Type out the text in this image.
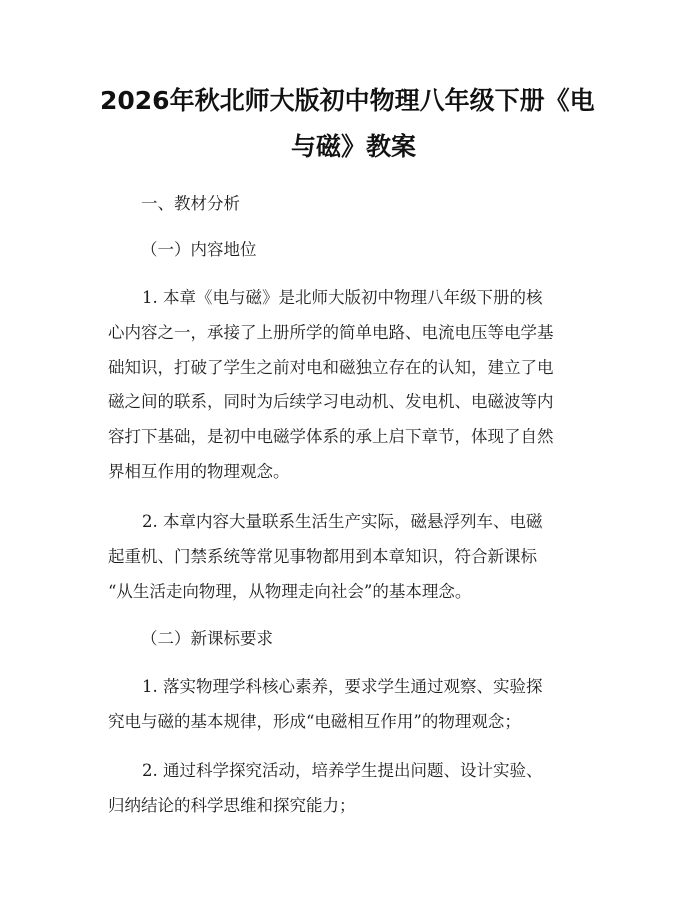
2026年秋北师大版初中物理八年级下册《电
与磁》教案
一、教材分析
（一）内容地位
1. 本章《电与磁》是北师大版初中物理八年级下册的核
心内容之一，承接了上册所学的简单电路、电流电压等电学基
础知识，打破了学生之前对电和磁独立存在的认知，建立了电
磁之间的联系，同时为后续学习电动机、发电机、电磁波等内
容打下基础，是初中电磁学体系的承上启下章节，体现了自然
界相互作用的物理观念。
2. 本章内容大量联系生活生产实际，磁悬浮列车、电磁
起重机、门禁系统等常见事物都用到本章知识，符合新课标
“从生活走向物理，从物理走向社会”的基本理念。
（二）新课标要求
1. 落实物理学科核心素养，要求学生通过观察、实验探
究电与磁的基本规律，形成“电磁相互作用”的物理观念；
2. 通过科学探究活动，培养学生提出问题、设计实验、
归纳结论的科学思维和探究能力；
